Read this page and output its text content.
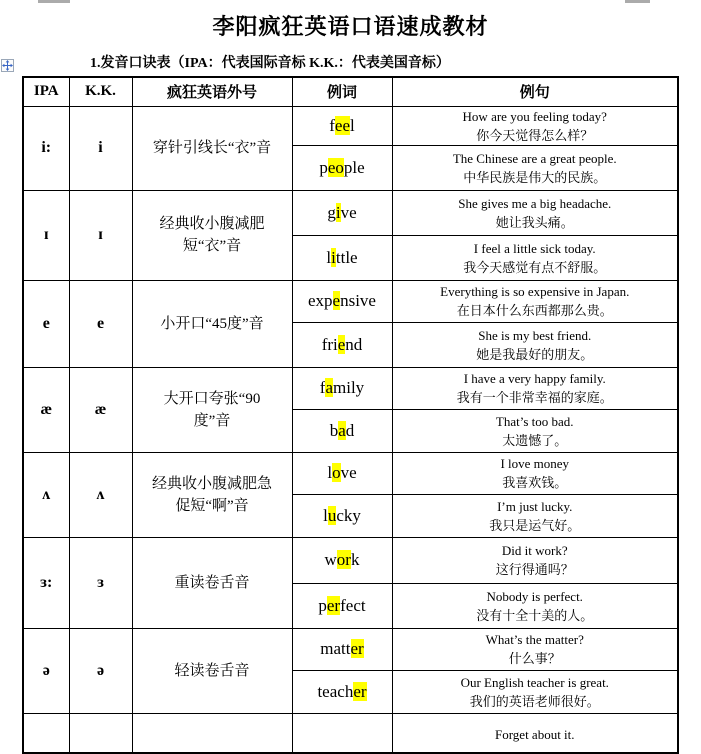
李阳疯狂英语口语速成教材
1.发音口诀表（IPA：代表国际音标 K.K.：代表美国音标）
IPA	K.K.	疯狂英语外号	例词	例句
i:	i	穿针引线长“衣”音	feel	How are you feeling today?
你今天觉得怎么样？

			people	The Chinese are a great people.
中华民族是伟大的民族。

ɪ	ɪ	经典收小腹减肥短“衣”音	give	She gives me a big headache.
她让我头痛。

			little	I feel a little sick today.
我今天感觉有点不舒服。

e	e	小开口“45度”音	expensive	Everything is so expensive in Japan.
在日本什么东西都那么贵。

			friend	She is my best friend.
她是我最好的朋友。

æ	æ	大开口夸张“90度”音	family	I have a very happy family.
我有一个非常幸福的家庭。

			bad	That’s too bad.
太遗憾了。

ʌ	ʌ	经典收小腹减肥急促短“啊”音	love	I love money
我喜欢钱。

			lucky	I’m just lucky.
我只是运气好。

ɜ:	ɜ	重读卷舌音	work	Did it work?
这行得通吗？

			perfect	Nobody is perfect.
没有十全十美的人。

ə	ə	轻读卷舌音	matter	What’s the matter?
什么事？

			teacher	Our English teacher is great.
我们的英语老师很好。

				Forget about it.
